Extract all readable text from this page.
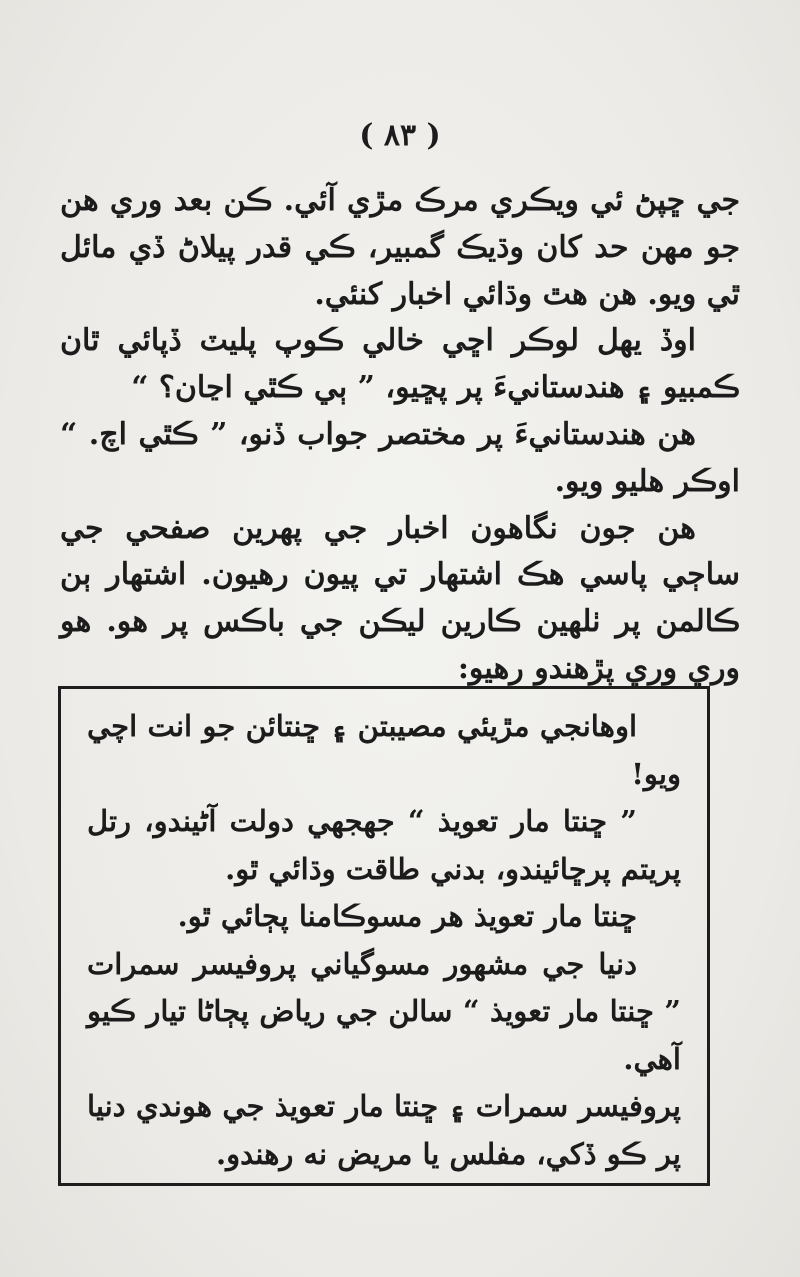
( ٨٣ )

جي ڇپڻ ئي ويڪري مرڪ مڙي آئي. ڪن بعد وري هن جو مهن حد کان وڌيڪ گمبير، ڪي قدر پيلاڻ ڏي مائل ٿي ويو. هن هٿ وڌائي اخبار کنئي.

اوڏ يهل لوڪر اڇي خالي ڪوپ پليٽ ڏپائي ٿان ڪمبيو ۽ هندستانيءَ پر پڇيو، ” ٻي ڪٿي اڃان؟ “

هن هندستانيءَ پر مختصر جواب ڏنو، ” ڪٿي اچ. “ اوڪر هليو ويو.

هن جون نگاهون اخبار جي پهرين صفحي جي ساڄي پاسي هڪ اشتهار تي پيون رهيون. اشتهار ٻن ڪالمن پر ٺلهين ڪارين ليڪن جي باڪس پر هو. هو وري وري پڙهندو رهيو:

اوهانجي مڙيئي مصيبتن ۽ ڇنتائن جو انت اچي ويو!

” ڇنتا مار تعويذ “ جهجهي دولت آڻيندو، رتل پريتم پرڇائيندو، بدني طاقت وڌائي ٿو.

ڇنتا مار تعويذ هر مسوڪامنا پڄائي ٿو.

دنيا جي مشهور مسوگياني پروفيسر سمرات ” ڇنتا مار تعويذ “ سالن جي رياض پڄاڻا تيار ڪيو آهي.

پروفيسر سمرات ۽ ڇنتا مار تعويذ جي هوندي دنيا پر ڪو ڏکي، مفلس يا مريض نه رهندو.
